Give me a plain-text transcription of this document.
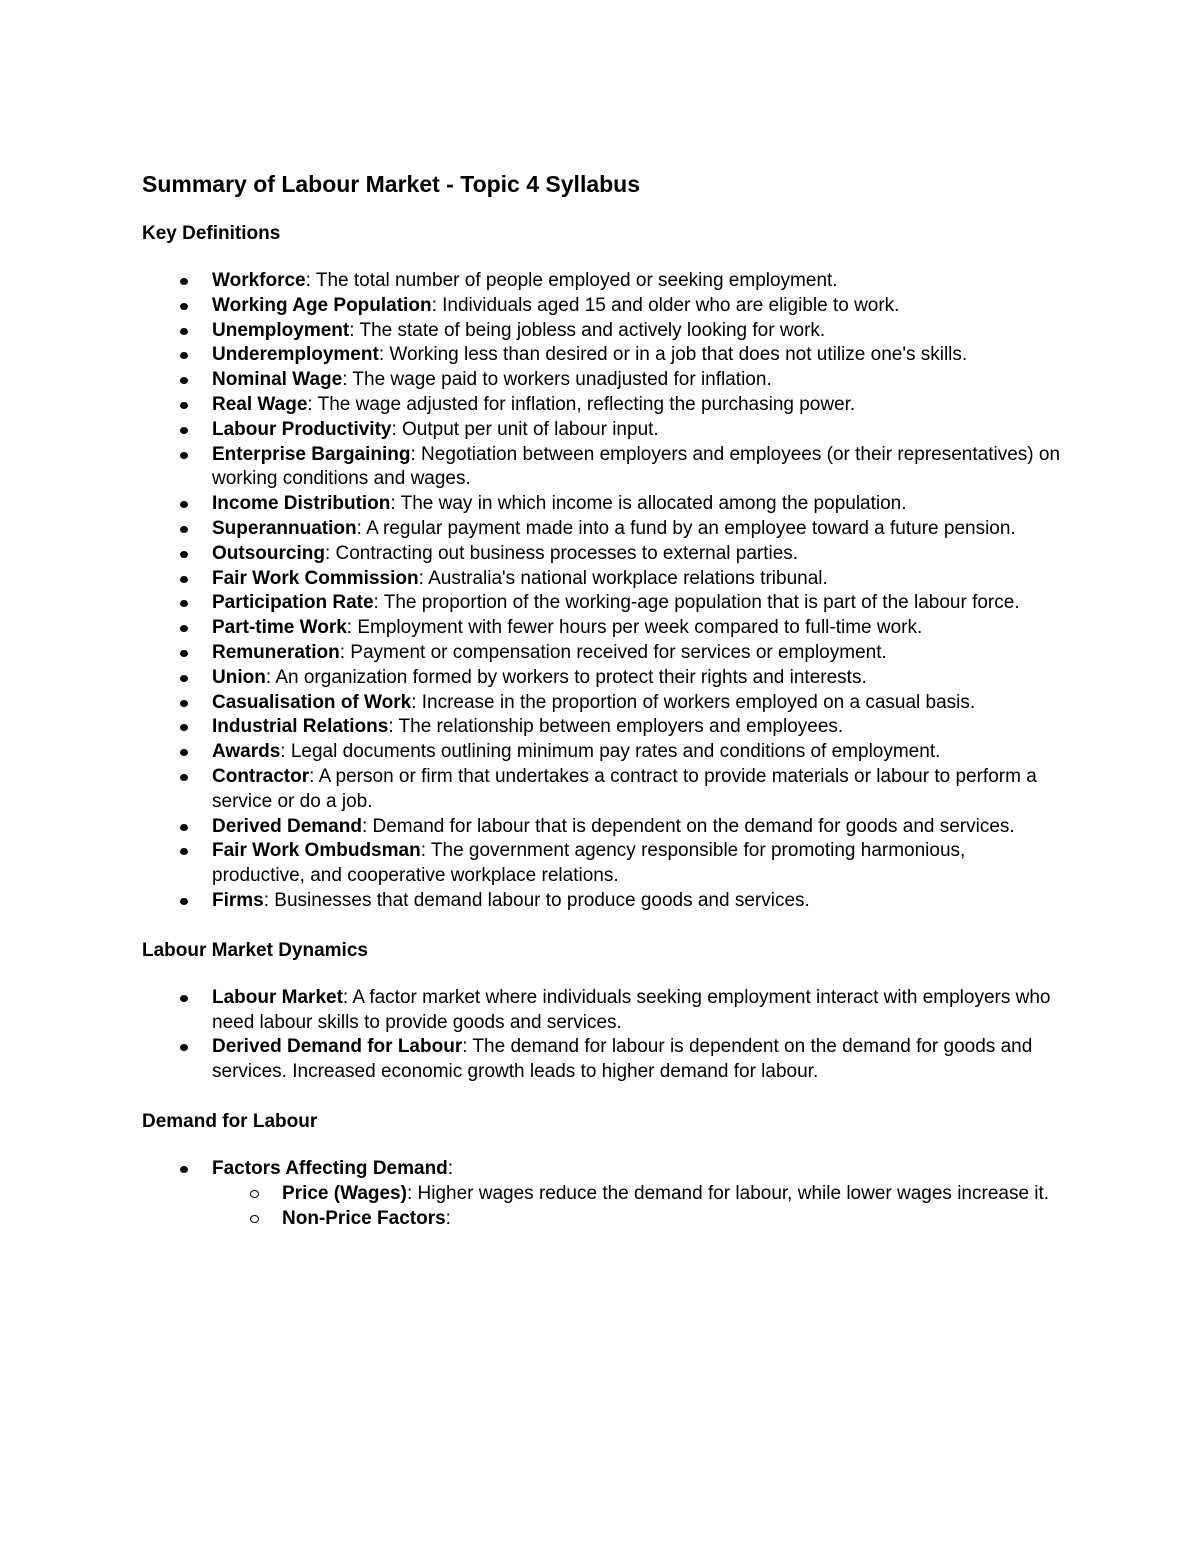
Summary of Labour Market - Topic 4 Syllabus
Key Definitions
Workforce: The total number of people employed or seeking employment.
Working Age Population: Individuals aged 15 and older who are eligible to work.
Unemployment: The state of being jobless and actively looking for work.
Underemployment: Working less than desired or in a job that does not utilize one's skills.
Nominal Wage: The wage paid to workers unadjusted for inflation.
Real Wage: The wage adjusted for inflation, reflecting the purchasing power.
Labour Productivity: Output per unit of labour input.
Enterprise Bargaining: Negotiation between employers and employees (or their representatives) on working conditions and wages.
Income Distribution: The way in which income is allocated among the population.
Superannuation: A regular payment made into a fund by an employee toward a future pension.
Outsourcing: Contracting out business processes to external parties.
Fair Work Commission: Australia's national workplace relations tribunal.
Participation Rate: The proportion of the working-age population that is part of the labour force.
Part-time Work: Employment with fewer hours per week compared to full-time work.
Remuneration: Payment or compensation received for services or employment.
Union: An organization formed by workers to protect their rights and interests.
Casualisation of Work: Increase in the proportion of workers employed on a casual basis.
Industrial Relations: The relationship between employers and employees.
Awards: Legal documents outlining minimum pay rates and conditions of employment.
Contractor: A person or firm that undertakes a contract to provide materials or labour to perform a service or do a job.
Derived Demand: Demand for labour that is dependent on the demand for goods and services.
Fair Work Ombudsman: The government agency responsible for promoting harmonious, productive, and cooperative workplace relations.
Firms: Businesses that demand labour to produce goods and services.
Labour Market Dynamics
Labour Market: A factor market where individuals seeking employment interact with employers who need labour skills to provide goods and services.
Derived Demand for Labour: The demand for labour is dependent on the demand for goods and services. Increased economic growth leads to higher demand for labour.
Demand for Labour
Factors Affecting Demand:
Price (Wages): Higher wages reduce the demand for labour, while lower wages increase it.
Non-Price Factors:
